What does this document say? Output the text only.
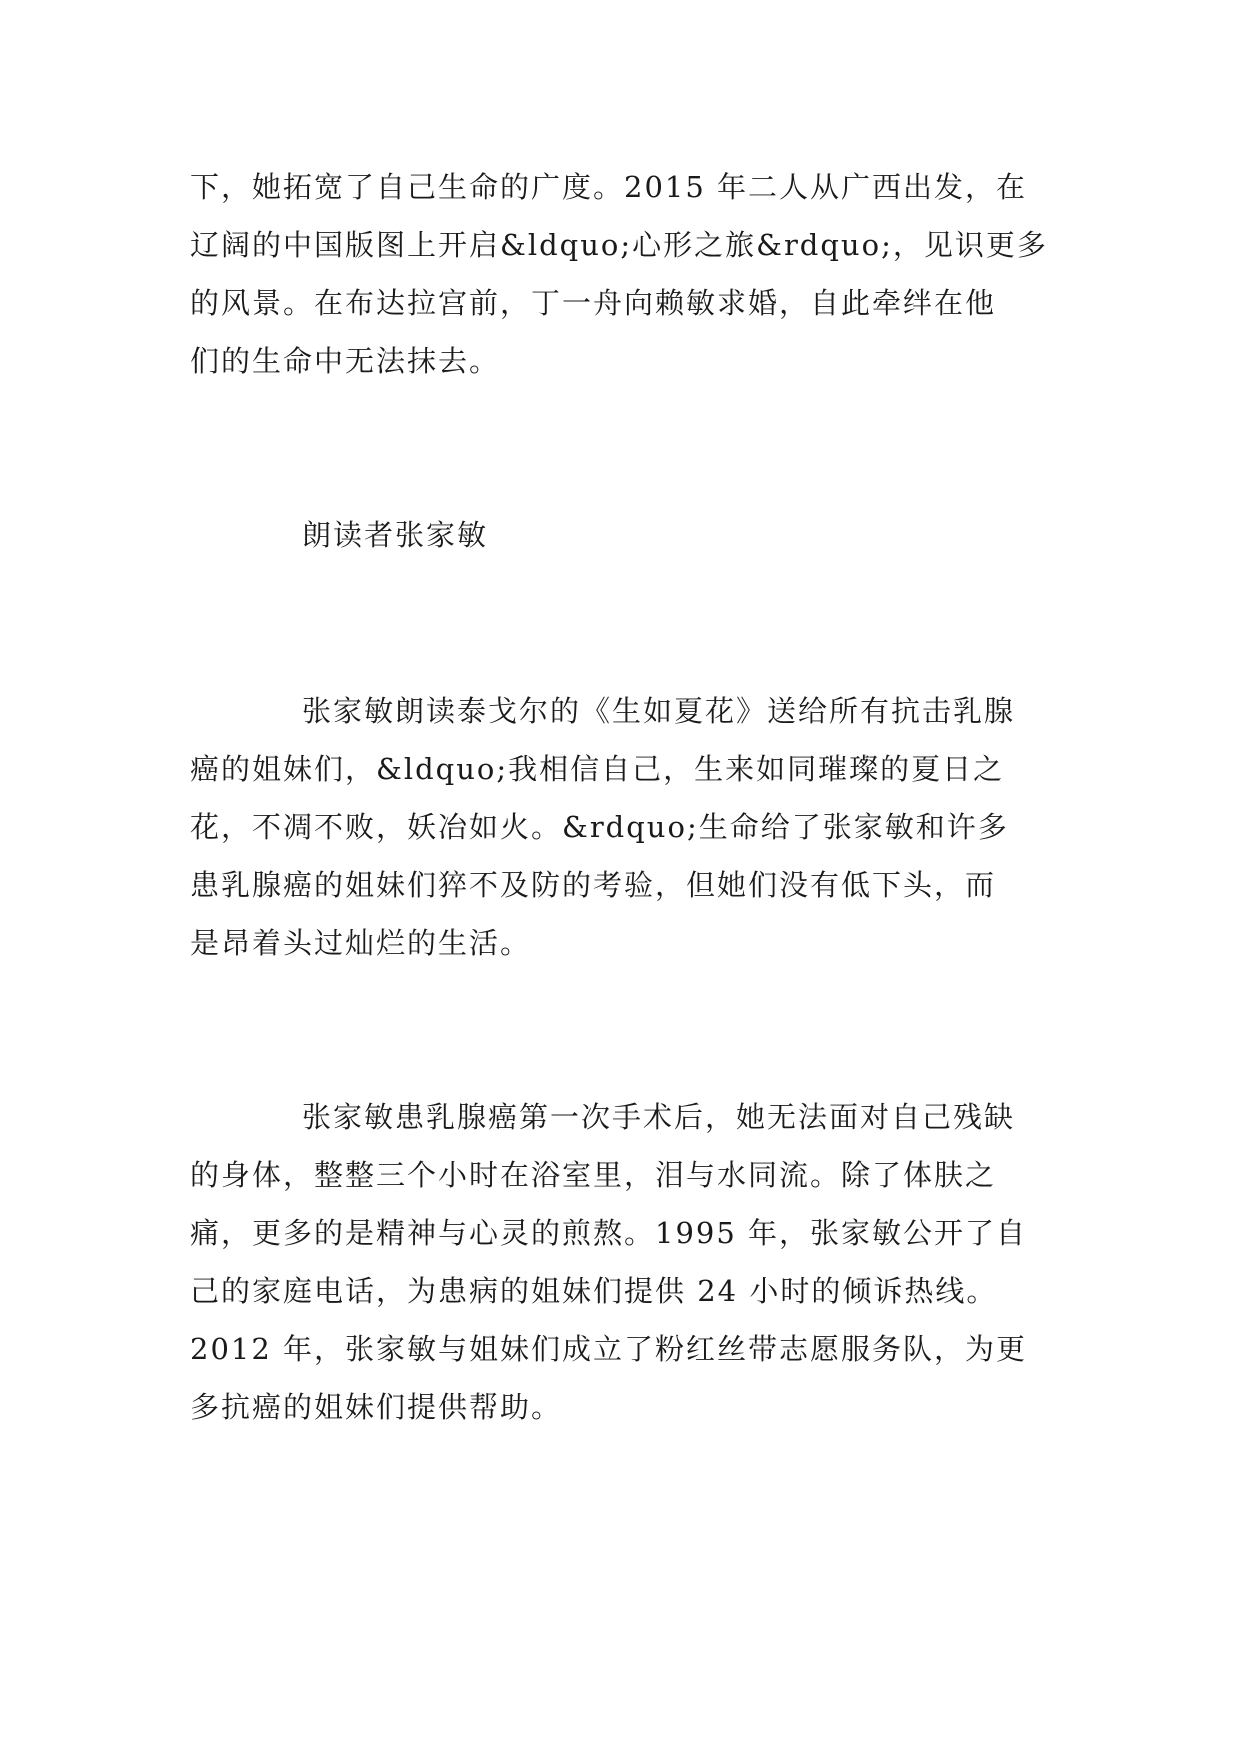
下，她拓宽了自己生命的广度。2015 年二人从广西出发，在
辽阔的中国版图上开启&ldquo;心形之旅&rdquo;，见识更多
的风景。在布达拉宫前，丁一舟向赖敏求婚，自此牵绊在他
们的生命中无法抹去。
朗读者张家敏
张家敏朗读泰戈尔的《生如夏花》送给所有抗击乳腺
癌的姐妹们，&ldquo;我相信自己，生来如同璀璨的夏日之
花，不凋不败，妖冶如火。&rdquo;生命给了张家敏和许多
患乳腺癌的姐妹们猝不及防的考验，但她们没有低下头，而
是昂着头过灿烂的生活。
张家敏患乳腺癌第一次手术后，她无法面对自己残缺
的身体，整整三个小时在浴室里，泪与水同流。除了体肤之
痛，更多的是精神与心灵的煎熬。1995 年，张家敏公开了自
己的家庭电话，为患病的姐妹们提供 24 小时的倾诉热线。
2012 年，张家敏与姐妹们成立了粉红丝带志愿服务队，为更
多抗癌的姐妹们提供帮助。
